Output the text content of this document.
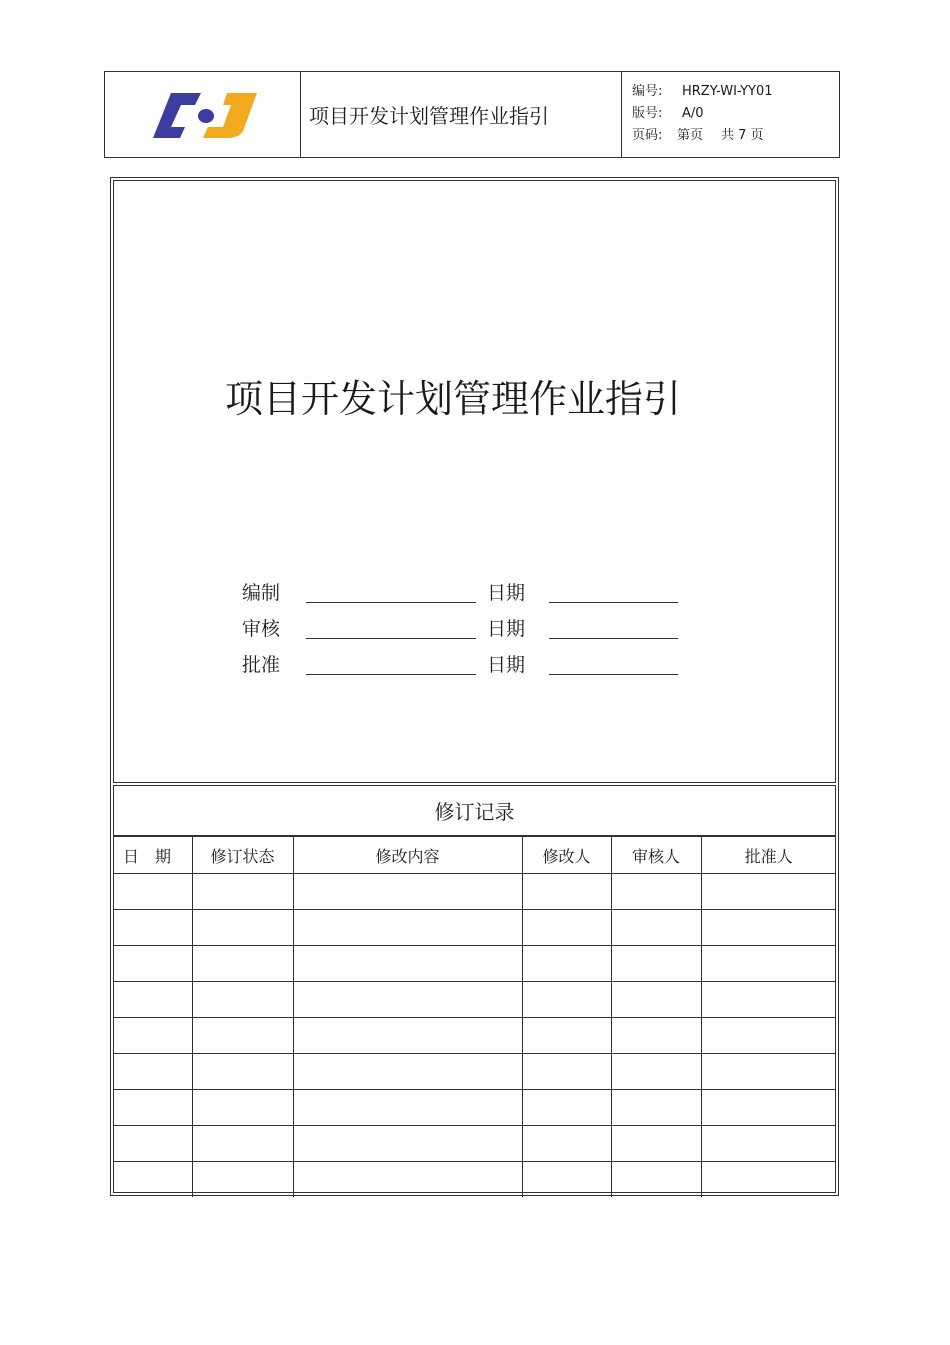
项目开发计划管理作业指引
编号: HRZY-WI-YY01
版号: A/0
页码: 第页 共 7 页
项目开发计划管理作业指引
编制	日期
审核	日期
批准	日期
修订记录
日　期	修订状态	修改内容	修改人	审核人	批准人
